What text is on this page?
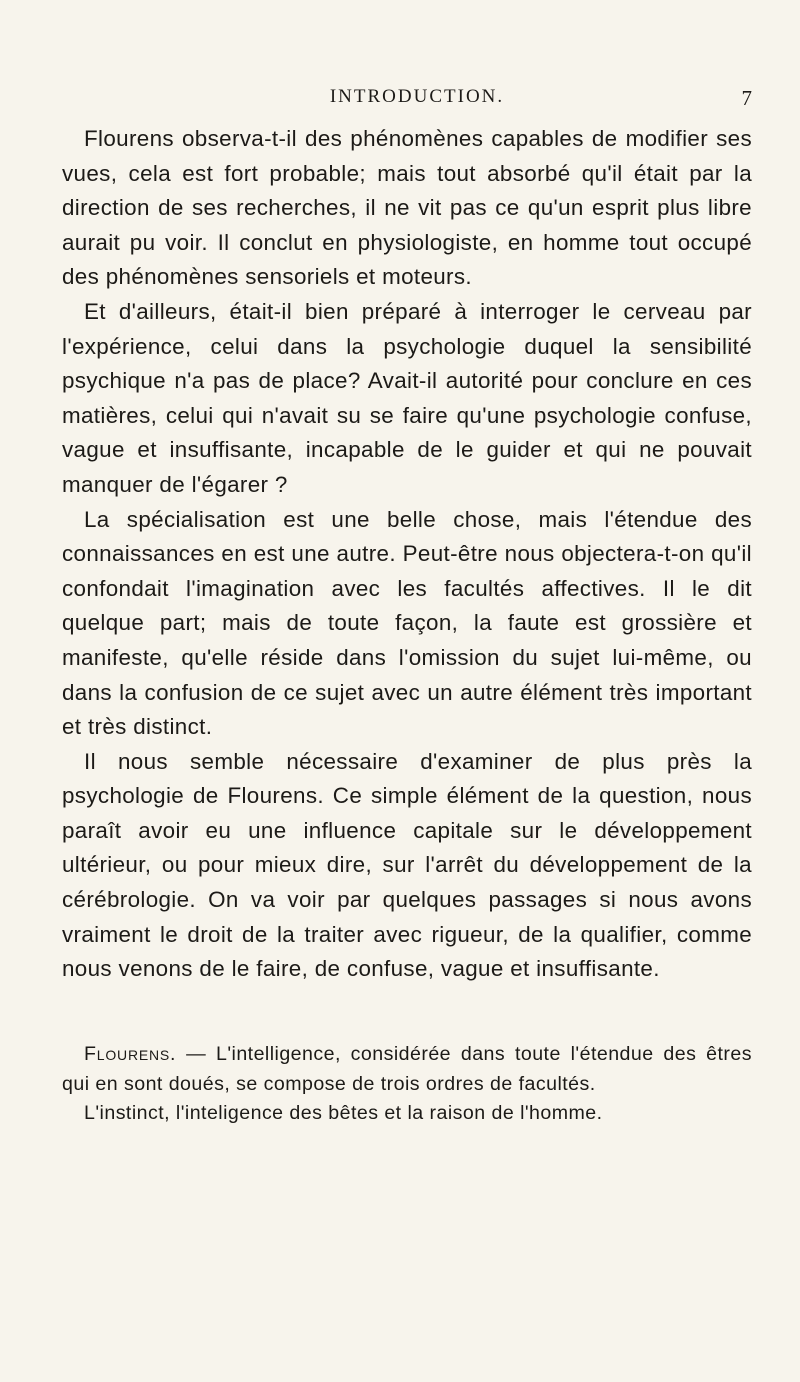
INTRODUCTION.	7

Flourens observa-t-il des phénomènes capables de modifier ses vues, cela est fort probable; mais tout absorbé qu'il était par la direction de ses recherches, il ne vit pas ce qu'un esprit plus libre aurait pu voir. Il conclut en physiologiste, en homme tout occupé des phénomènes sensoriels et moteurs.

Et d'ailleurs, était-il bien préparé à interroger le cerveau par l'expérience, celui dans la psychologie duquel la sensibilité psychique n'a pas de place? Avait-il autorité pour conclure en ces matières, celui qui n'avait su se faire qu'une psychologie confuse, vague et insuffisante, incapable de le guider et qui ne pouvait manquer de l'égarer ?

La spécialisation est une belle chose, mais l'étendue des connaissances en est une autre. Peut-être nous objectera-t-on qu'il confondait l'imagination avec les facultés affectives. Il le dit quelque part; mais de toute façon, la faute est grossière et manifeste, qu'elle réside dans l'omission du sujet lui-même, ou dans la confusion de ce sujet avec un autre élément très important et très distinct.

Il nous semble nécessaire d'examiner de plus près la psychologie de Flourens. Ce simple élément de la question, nous paraît avoir eu une influence capitale sur le développement ultérieur, ou pour mieux dire, sur l'arrêt du développement de la cérébrologie. On va voir par quelques passages si nous avons vraiment le droit de la traiter avec rigueur, de la qualifier, comme nous venons de le faire, de confuse, vague et insuffisante.

Flourens. — L'intelligence, considérée dans toute l'étendue des êtres qui en sont doués, se compose de trois ordres de facultés.

L'instinct, l'inteligence des bêtes et la raison de l'homme.
